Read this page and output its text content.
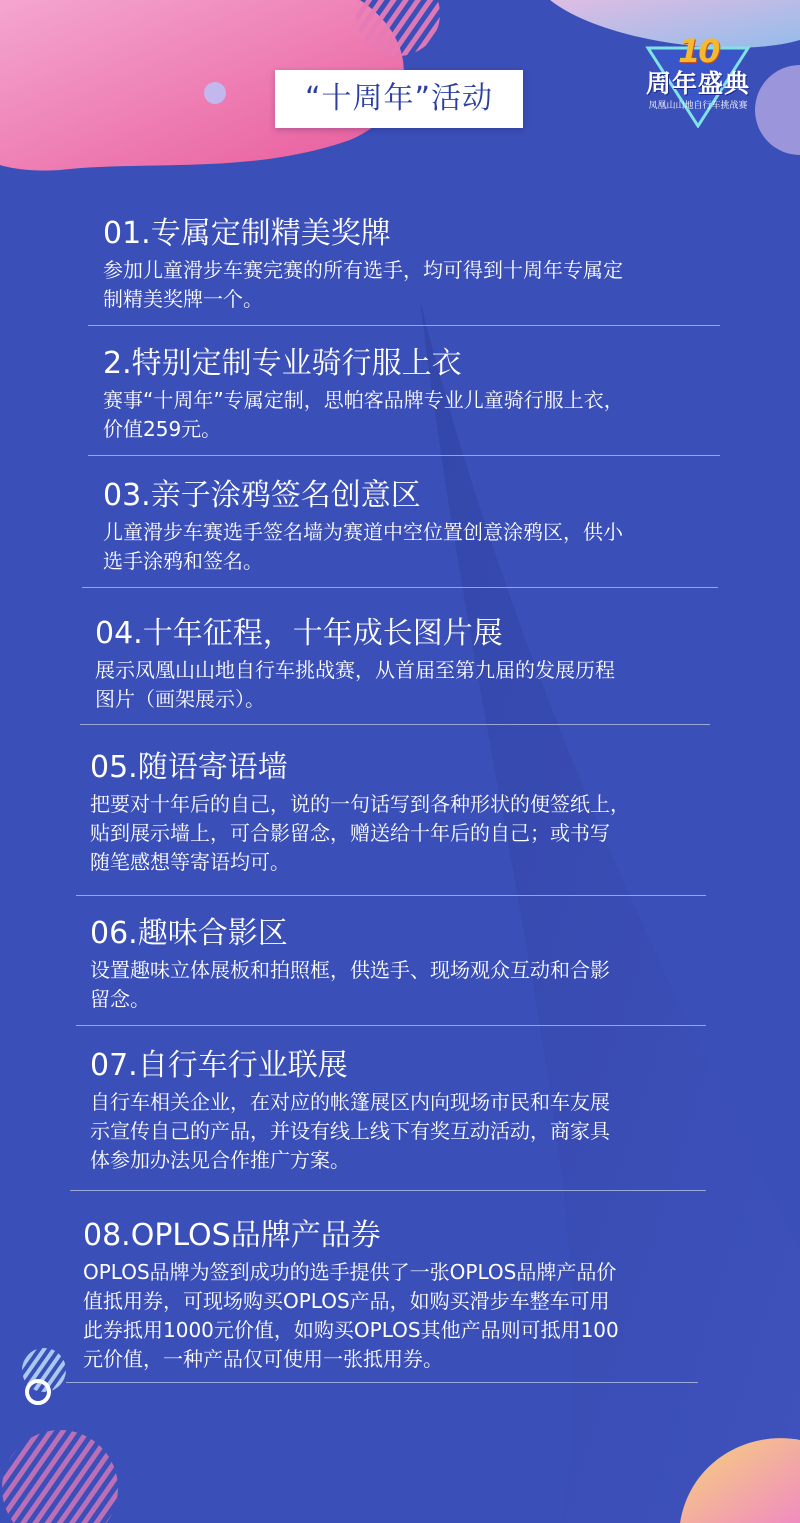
10
周年盛典
凤凰山山地自行车挑战赛
“十周年”活动
01.专属定制精美奖牌
参加儿童滑步车赛完赛的所有选手，均可得到十周年专属定
制精美奖牌一个。
2.特别定制专业骑行服上衣
赛事“十周年”专属定制，思帕客品牌专业儿童骑行服上衣，
价值259元。
03.亲子涂鸦签名创意区
儿童滑步车赛选手签名墙为赛道中空位置创意涂鸦区，供小
选手涂鸦和签名。
04.十年征程，十年成长图片展
展示凤凰山山地自行车挑战赛，从首届至第九届的发展历程
图片（画架展示）。
05.随语寄语墙
把要对十年后的自己，说的一句话写到各种形状的便签纸上，
贴到展示墙上，可合影留念，赠送给十年后的自己；或书写
随笔感想等寄语均可。
06.趣味合影区
设置趣味立体展板和拍照框，供选手、现场观众互动和合影
留念。
07.自行车行业联展
自行车相关企业，在对应的帐篷展区内向现场市民和车友展
示宣传自己的产品，并设有线上线下有奖互动活动，商家具
体参加办法见合作推广方案。
08.OPLOS品牌产品券
OPLOS品牌为签到成功的选手提供了一张OPLOS品牌产品价
值抵用券，可现场购买OPLOS产品，如购买滑步车整车可用
此券抵用1000元价值，如购买OPLOS其他产品则可抵用100
元价值，一种产品仅可使用一张抵用券。
